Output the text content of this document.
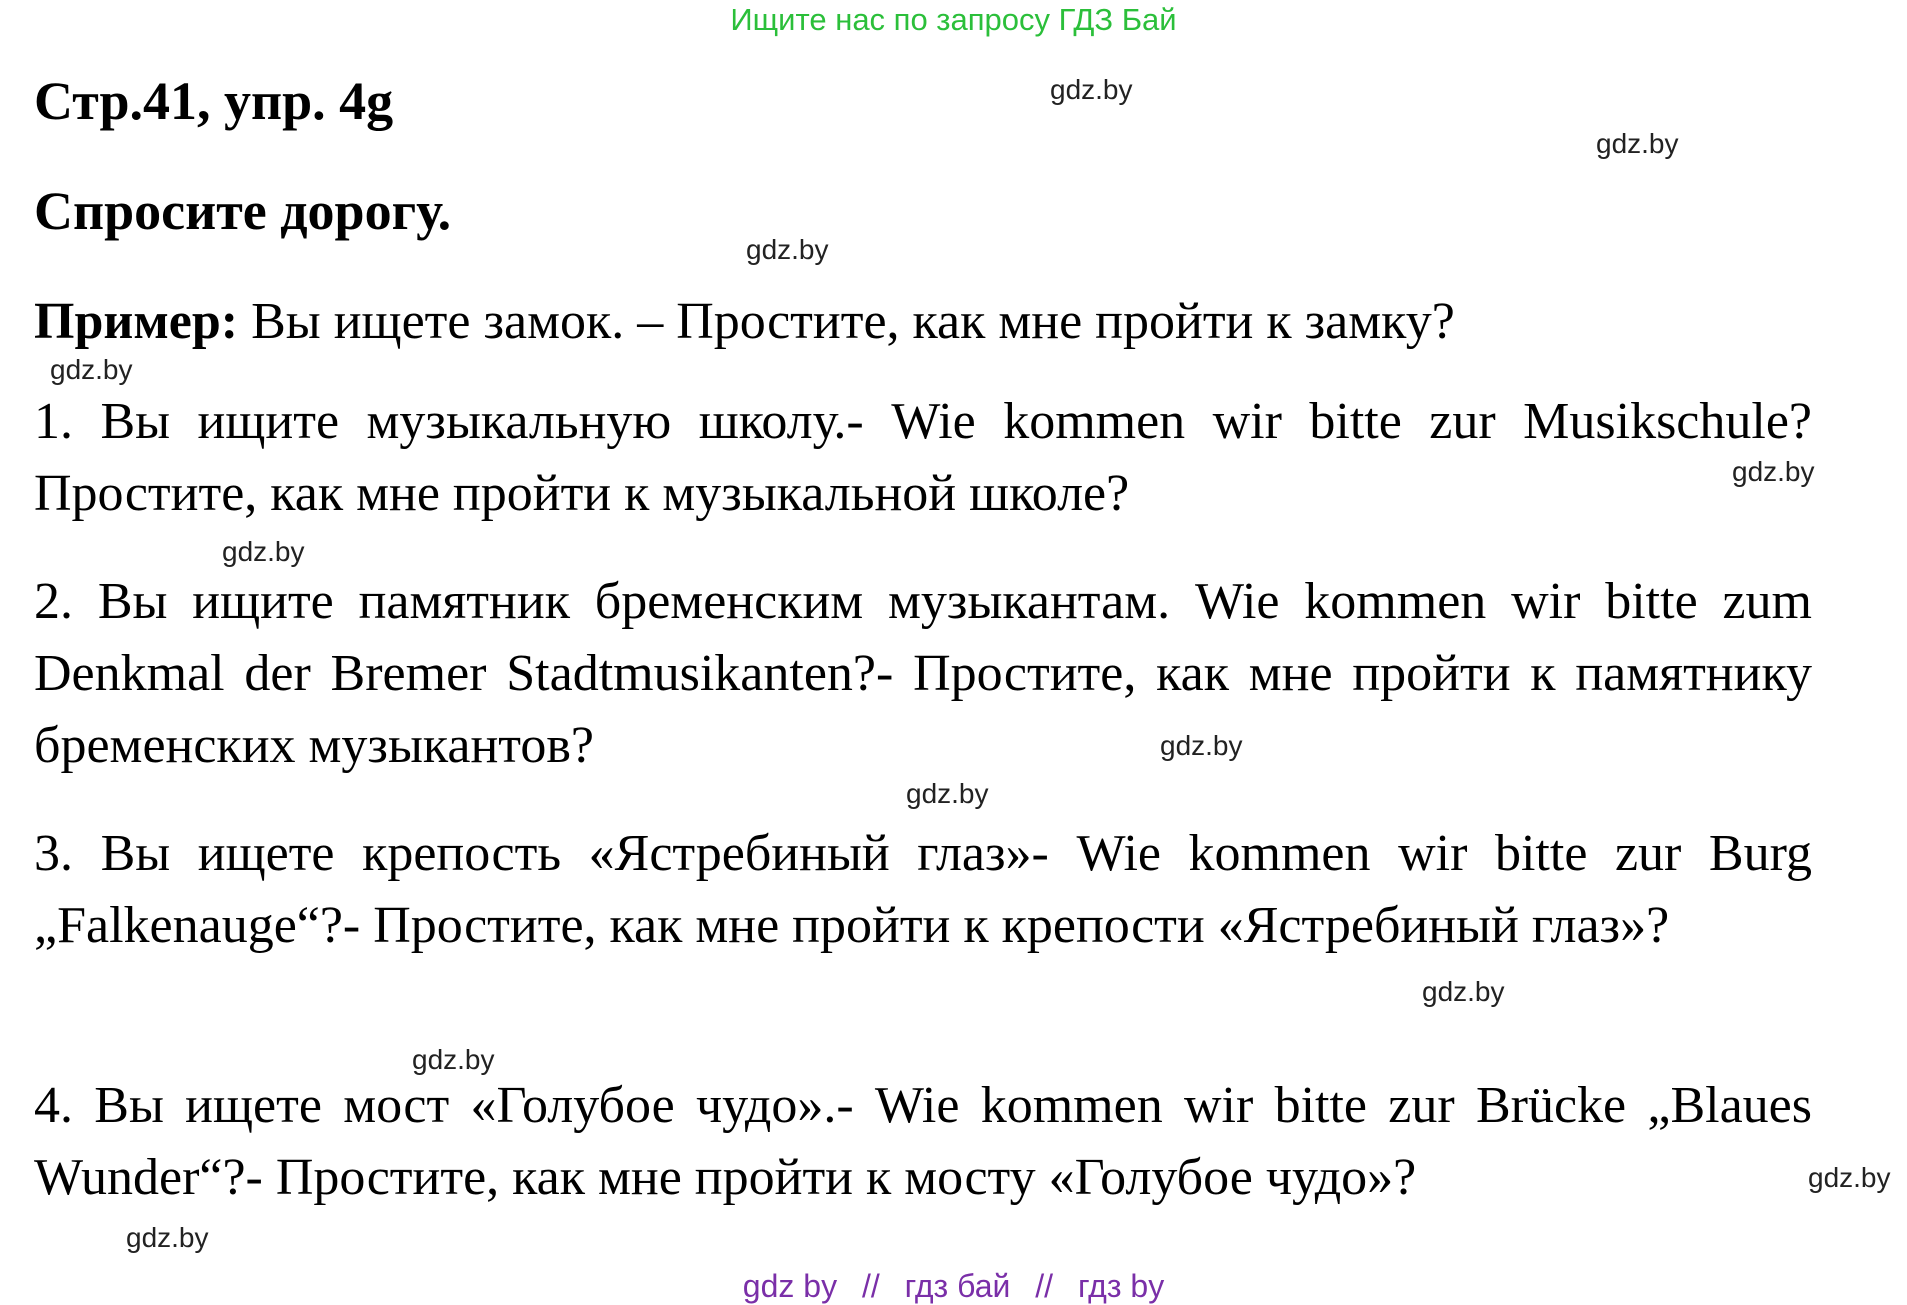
Ищите нас по запросу ГДЗ Бай
Стр.41, упр. 4g
Спросите дорогу.
Пример: Вы ищете замок. – Простите, как мне пройти к замку?
1. Вы ищите музыкальную школу.- Wie kommen wir bitte zur Musikschule? Простите, как мне пройти к музыкальной школе?
2. Вы ищите памятник бременским музыкантам. Wie kommen wir bitte zum Denkmal der Bremer Stadtmusikanten?- Простите, как мне пройти к памятнику бременских музыкантов?
3. Вы ищете крепость «Ястребиный глаз»- Wie kommen wir bitte zur Burg „Falkenauge“?- Простите, как мне пройти к крепости «Ястребиный глаз»?
4. Вы ищете мост «Голубое чудо».- Wie kommen wir bitte zur Brücke „Blaues Wunder“?- Простите, как мне пройти к мосту «Голубое чудо»?
gdz.by
gdz.by
gdz.by
gdz.by
gdz.by
gdz.by
gdz.by
gdz.by
gdz.by
gdz.by
gdz.by
gdz.by
gdz by // гдз бай // гдз by
